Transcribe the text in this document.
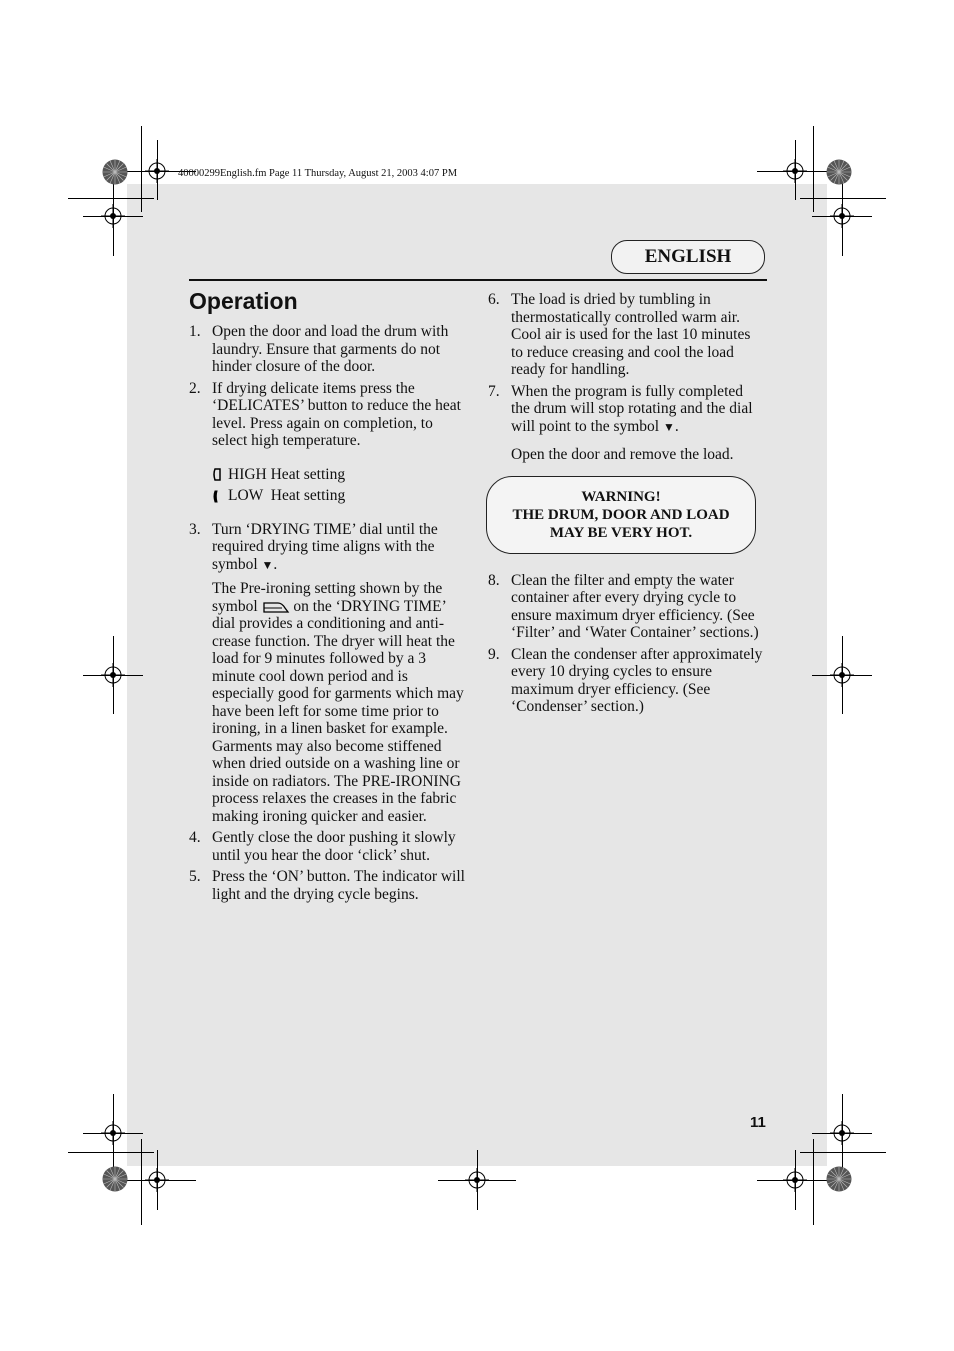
40000299English.fm Page 11 Thursday, August 21, 2003 4:07 PM
ENGLISH
Operation
1. Open the door and load the drum with laundry. Ensure that garments do not hinder closure of the door.

2. If drying delicate items press the ‘DELICATES’ button to reduce the heat level. Press again on completion, to select high temperature.

HIGH Heat setting
LOW  Heat setting
3. Turn ‘DRYING TIME’ dial until the required drying time aligns with the symbol ▼.

The Pre-ironing setting shown by the symbol on the ‘DRYING TIME’ dial provides a conditioning and anti-crease function. The dryer will heat the load for 9 minutes followed by a 3 minute cool down period and is especially good for garments which may have been left for some time prior to ironing, in a linen basket for example. Garments may also become stiffened when dried outside on a washing line or inside on radiators. The PRE-IRONING process relaxes the creases in the fabric making ironing quicker and easier.

4. Gently close the door pushing it slowly until you hear the door ‘click’ shut.

5. Press the ‘ON’ button. The indicator will light and the drying cycle begins.

6. The load is dried by tumbling in thermostatically controlled warm air. Cool air is used for the last 10 minutes to reduce creasing and cool the load ready for handling.

7. When the program is fully completed the drum will stop rotating and the dial will point to the symbol ▼.

Open the door and remove the load.

WARNING!
THE DRUM, DOOR AND LOAD
MAY BE VERY HOT.
8. Clean the filter and empty the water container after every drying cycle to ensure maximum dryer efficiency. (See ‘Filter’ and ‘Water Container’ sections.)

9. Clean the condenser after approximately every 10 drying cycles to ensure maximum dryer efficiency. (See ‘Condenser’ section.)

11
